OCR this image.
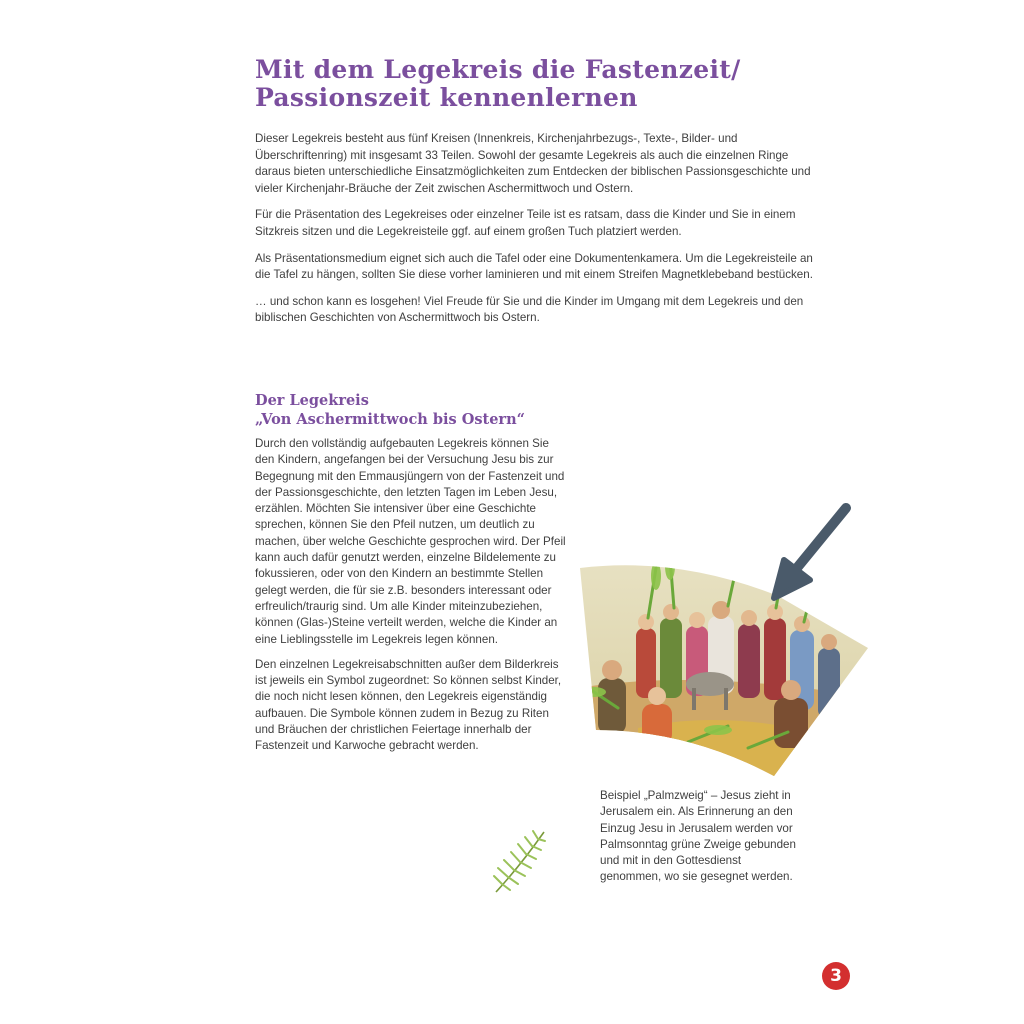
Mit dem Legekreis die Fastenzeit/
Passionszeit kennenlernen

Dieser Legekreis besteht aus fünf Kreisen (Innenkreis, Kirchenjahrbezugs-, Texte-, Bilder- und Überschriftenring) mit insgesamt 33 Teilen. Sowohl der gesamte Legekreis als auch die einzelnen Ringe daraus bieten unterschiedliche Einsatzmöglichkeiten zum Entdecken der biblischen Passionsgeschichte und vieler Kirchenjahr-Bräuche der Zeit zwischen Aschermittwoch und Ostern.

Für die Präsentation des Legekreises oder einzelner Teile ist es ratsam, dass die Kinder und Sie in einem Sitzkreis sitzen und die Legekreisteile ggf. auf einem großen Tuch platziert werden.

Als Präsentationsmedium eignet sich auch die Tafel oder eine Dokumentenkamera. Um die Legekreisteile an die Tafel zu hängen, sollten Sie diese vorher laminieren und mit einem Streifen Magnetklebeband bestücken.

… und schon kann es losgehen! Viel Freude für Sie und die Kinder im Umgang mit dem Legekreis und den biblischen Geschichten von Aschermittwoch bis Ostern.

Der Legekreis
„Von Aschermittwoch bis Ostern“

Durch den vollständig aufgebauten Legekreis können Sie den Kindern, angefangen bei der Versuchung Jesu bis zur Begegnung mit den Emmausjüngern von der Fastenzeit und der Passionsgeschichte, den letzten Tagen im Leben Jesu, erzählen. Möchten Sie intensiver über eine Geschichte sprechen, können Sie den Pfeil nutzen, um deutlich zu machen, über welche Geschichte gesprochen wird. Der Pfeil kann auch dafür genutzt werden, einzelne Bildelemente zu fokussieren, oder von den Kindern an bestimmte Stellen gelegt werden, die für sie z.B. besonders interessant oder erfreulich/traurig sind. Um alle Kinder miteinzubeziehen, können (Glas-)Steine verteilt werden, welche die Kinder an eine Lieblingsstelle im Legekreis legen können.

Den einzelnen Legekreisabschnitten außer dem Bilderkreis ist jeweils ein Symbol zugeordnet: So können selbst Kinder, die noch nicht lesen können, den Legekreis eigenständig aufbauen. Die Symbole können zudem in Bezug zu Riten und Bräuchen der christlichen Feiertage innerhalb der Fastenzeit und Karwoche gebracht werden.

Beispiel „Palmzweig“ – Jesus zieht in Jerusalem ein. Als Erinnerung an den Einzug Jesu in Jerusalem werden vor Palmsonntag grüne Zweige gebunden und mit in den Gottesdienst genommen, wo sie gesegnet werden.
3
